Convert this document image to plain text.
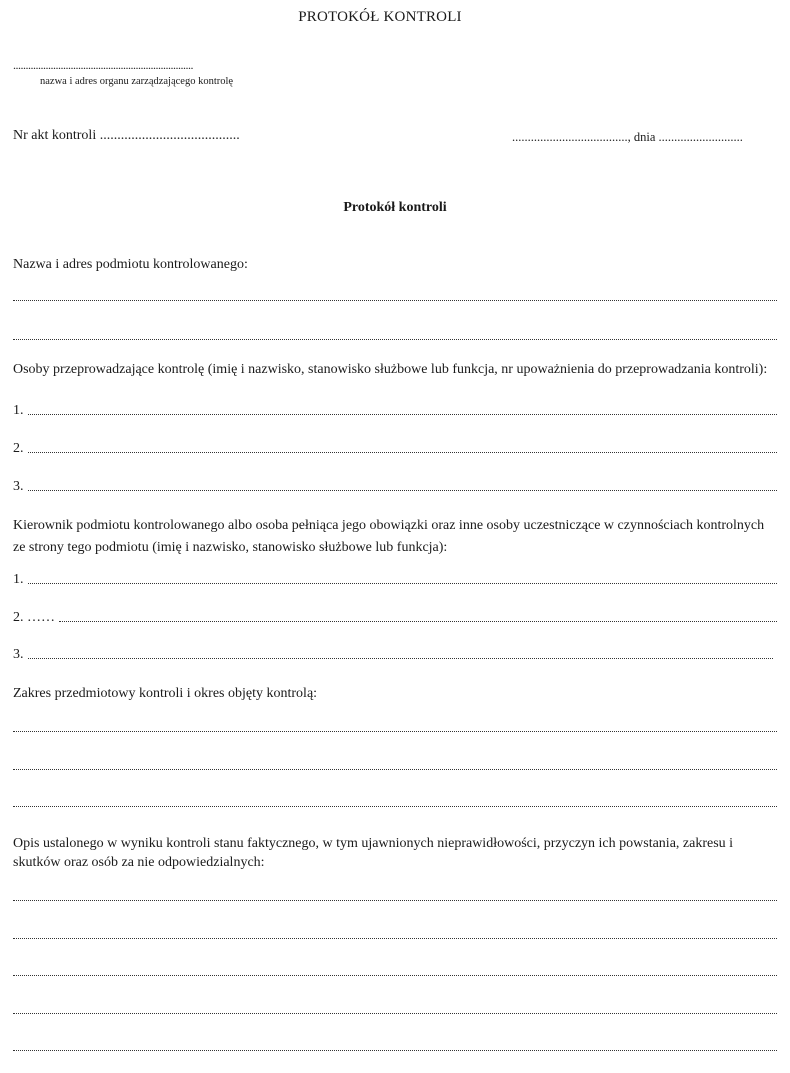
PROTOKÓŁ KONTROLI
........................................................................
nazwa i adres organu zarządzającego kontrolę
Nr akt kontroli ........................................	....................................., dnia ...........................
Protokół kontroli
Nazwa i adres podmiotu kontrolowanego:
Osoby przeprowadzające kontrolę (imię i nazwisko, stanowisko służbowe lub funkcja, nr upoważnienia do przeprowadzania kontroli):
1.
2.
3.
Kierownik podmiotu kontrolowanego albo osoba pełniąca jego obowiązki oraz inne osoby uczestniczące w czynnościach kontrolnych ze strony tego podmiotu (imię i nazwisko, stanowisko służbowe lub funkcja):
1.
2. ……
3.
Zakres przedmiotowy kontroli i okres objęty kontrolą:
Opis ustalonego w wyniku kontroli stanu faktycznego, w tym ujawnionych nieprawidłowości, przyczyn ich powstania, zakresu i skutków oraz osób za nie odpowiedzialnych:
